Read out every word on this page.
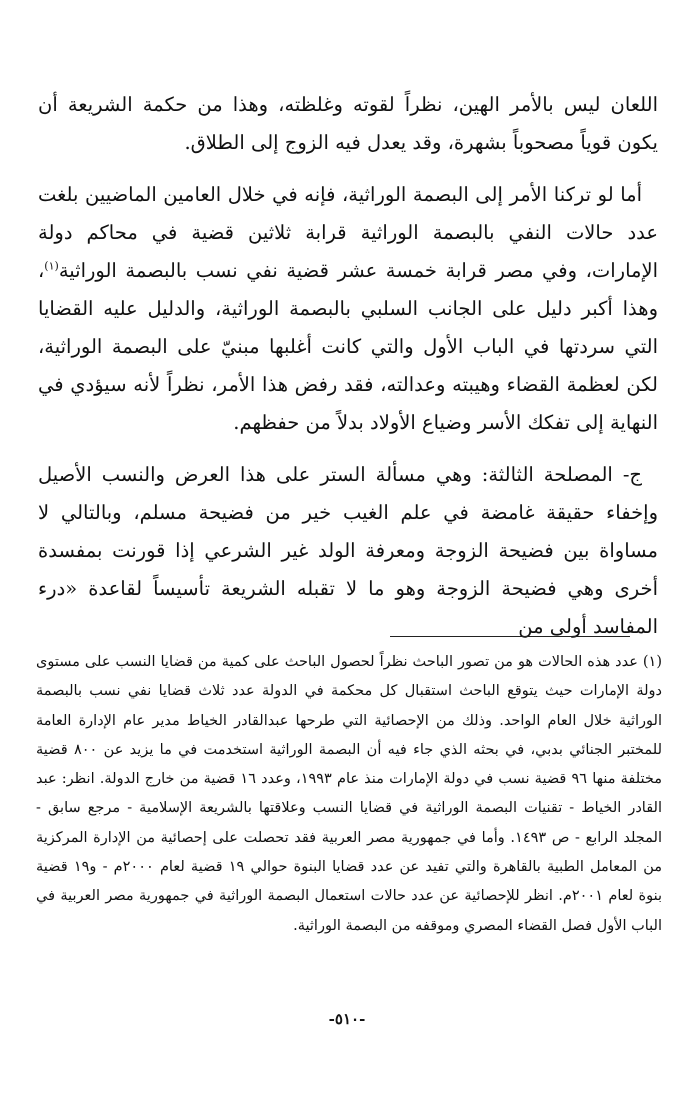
اللعان ليس بالأمر الهين، نظراً لقوته وغلظته، وهذا من حكمة الشريعة أن يكون قوياً مصحوباً بشهرة، وقد يعدل فيه الزوج إلى الطلاق.

أما لو تركنا الأمر إلى البصمة الوراثية، فإنه في خلال العامين الماضيين بلغت عدد حالات النفي بالبصمة الوراثية قرابة ثلاثين قضية في محاكم دولة الإمارات، وفي مصر قرابة خمسة عشر قضية نفي نسب بالبصمة الوراثية$^{(١)}$، وهذا أكبر دليل على الجانب السلبي بالبصمة الوراثية، والدليل عليه القضايا التي سردتها في الباب الأول والتي كانت أغلبها مبنيّ على البصمة الوراثية، لكن لعظمة القضاء وهيبته وعدالته، فقد رفض هذا الأمر، نظراً لأنه سيؤدي في النهاية إلى تفكك الأسر وضياع الأولاد بدلاً من حفظهم.

ج- المصلحة الثالثة: وهي مسألة الستر على هذا العرض والنسب الأصيل وإخفاء حقيقة غامضة في علم الغيب خير من فضيحة مسلم، وبالتالي لا مساواة بين فضيحة الزوجة ومعرفة الولد غير الشرعي إذا قورنت بمفسدة أخرى وهي فضيحة الزوجة وهو ما لا تقبله الشريعة تأسيساً لقاعدة «درء المفاسد أولى من

(١) عدد هذه الحالات هو من تصور الباحث نظراً لحصول الباحث على كمية من قضايا النسب على مستوى دولة الإمارات حيث يتوقع الباحث استقبال كل محكمة في الدولة عدد ثلاث قضايا نفي نسب بالبصمة الوراثية خلال العام الواحد. وذلك من الإحصائية التي طرحها عبدالقادر الخياط مدير عام الإدارة العامة للمختبر الجنائي بدبي، في بحثه الذي جاء فيه أن البصمة الوراثية استخدمت في ما يزيد عن ٨٠٠ قضية مختلفة منها ٩٦ قضية نسب في دولة الإمارات منذ عام ١٩٩٣، وعدد ١٦ قضية من خارج الدولة. انظر: عبد القادر الخياط - تقنيات البصمة الوراثية في قضايا النسب وعلاقتها بالشريعة الإسلامية - مرجع سابق - المجلد الرابع - ص ١٤٩٣. وأما في جمهورية مصر العربية فقد تحصلت على إحصائية من الإدارة المركزية من المعامل الطبية بالقاهرة والتي تفيد عن عدد قضايا البنوة حوالي ١٩ قضية لعام ٢٠٠٠م - و١٩ قضية بنوة لعام ٢٠٠١م. انظر للإحصائية عن عدد حالات استعمال البصمة الوراثية في جمهورية مصر العربية في الباب الأول فصل القضاء المصري وموقفه من البصمة الوراثية.

-٥١٠-
